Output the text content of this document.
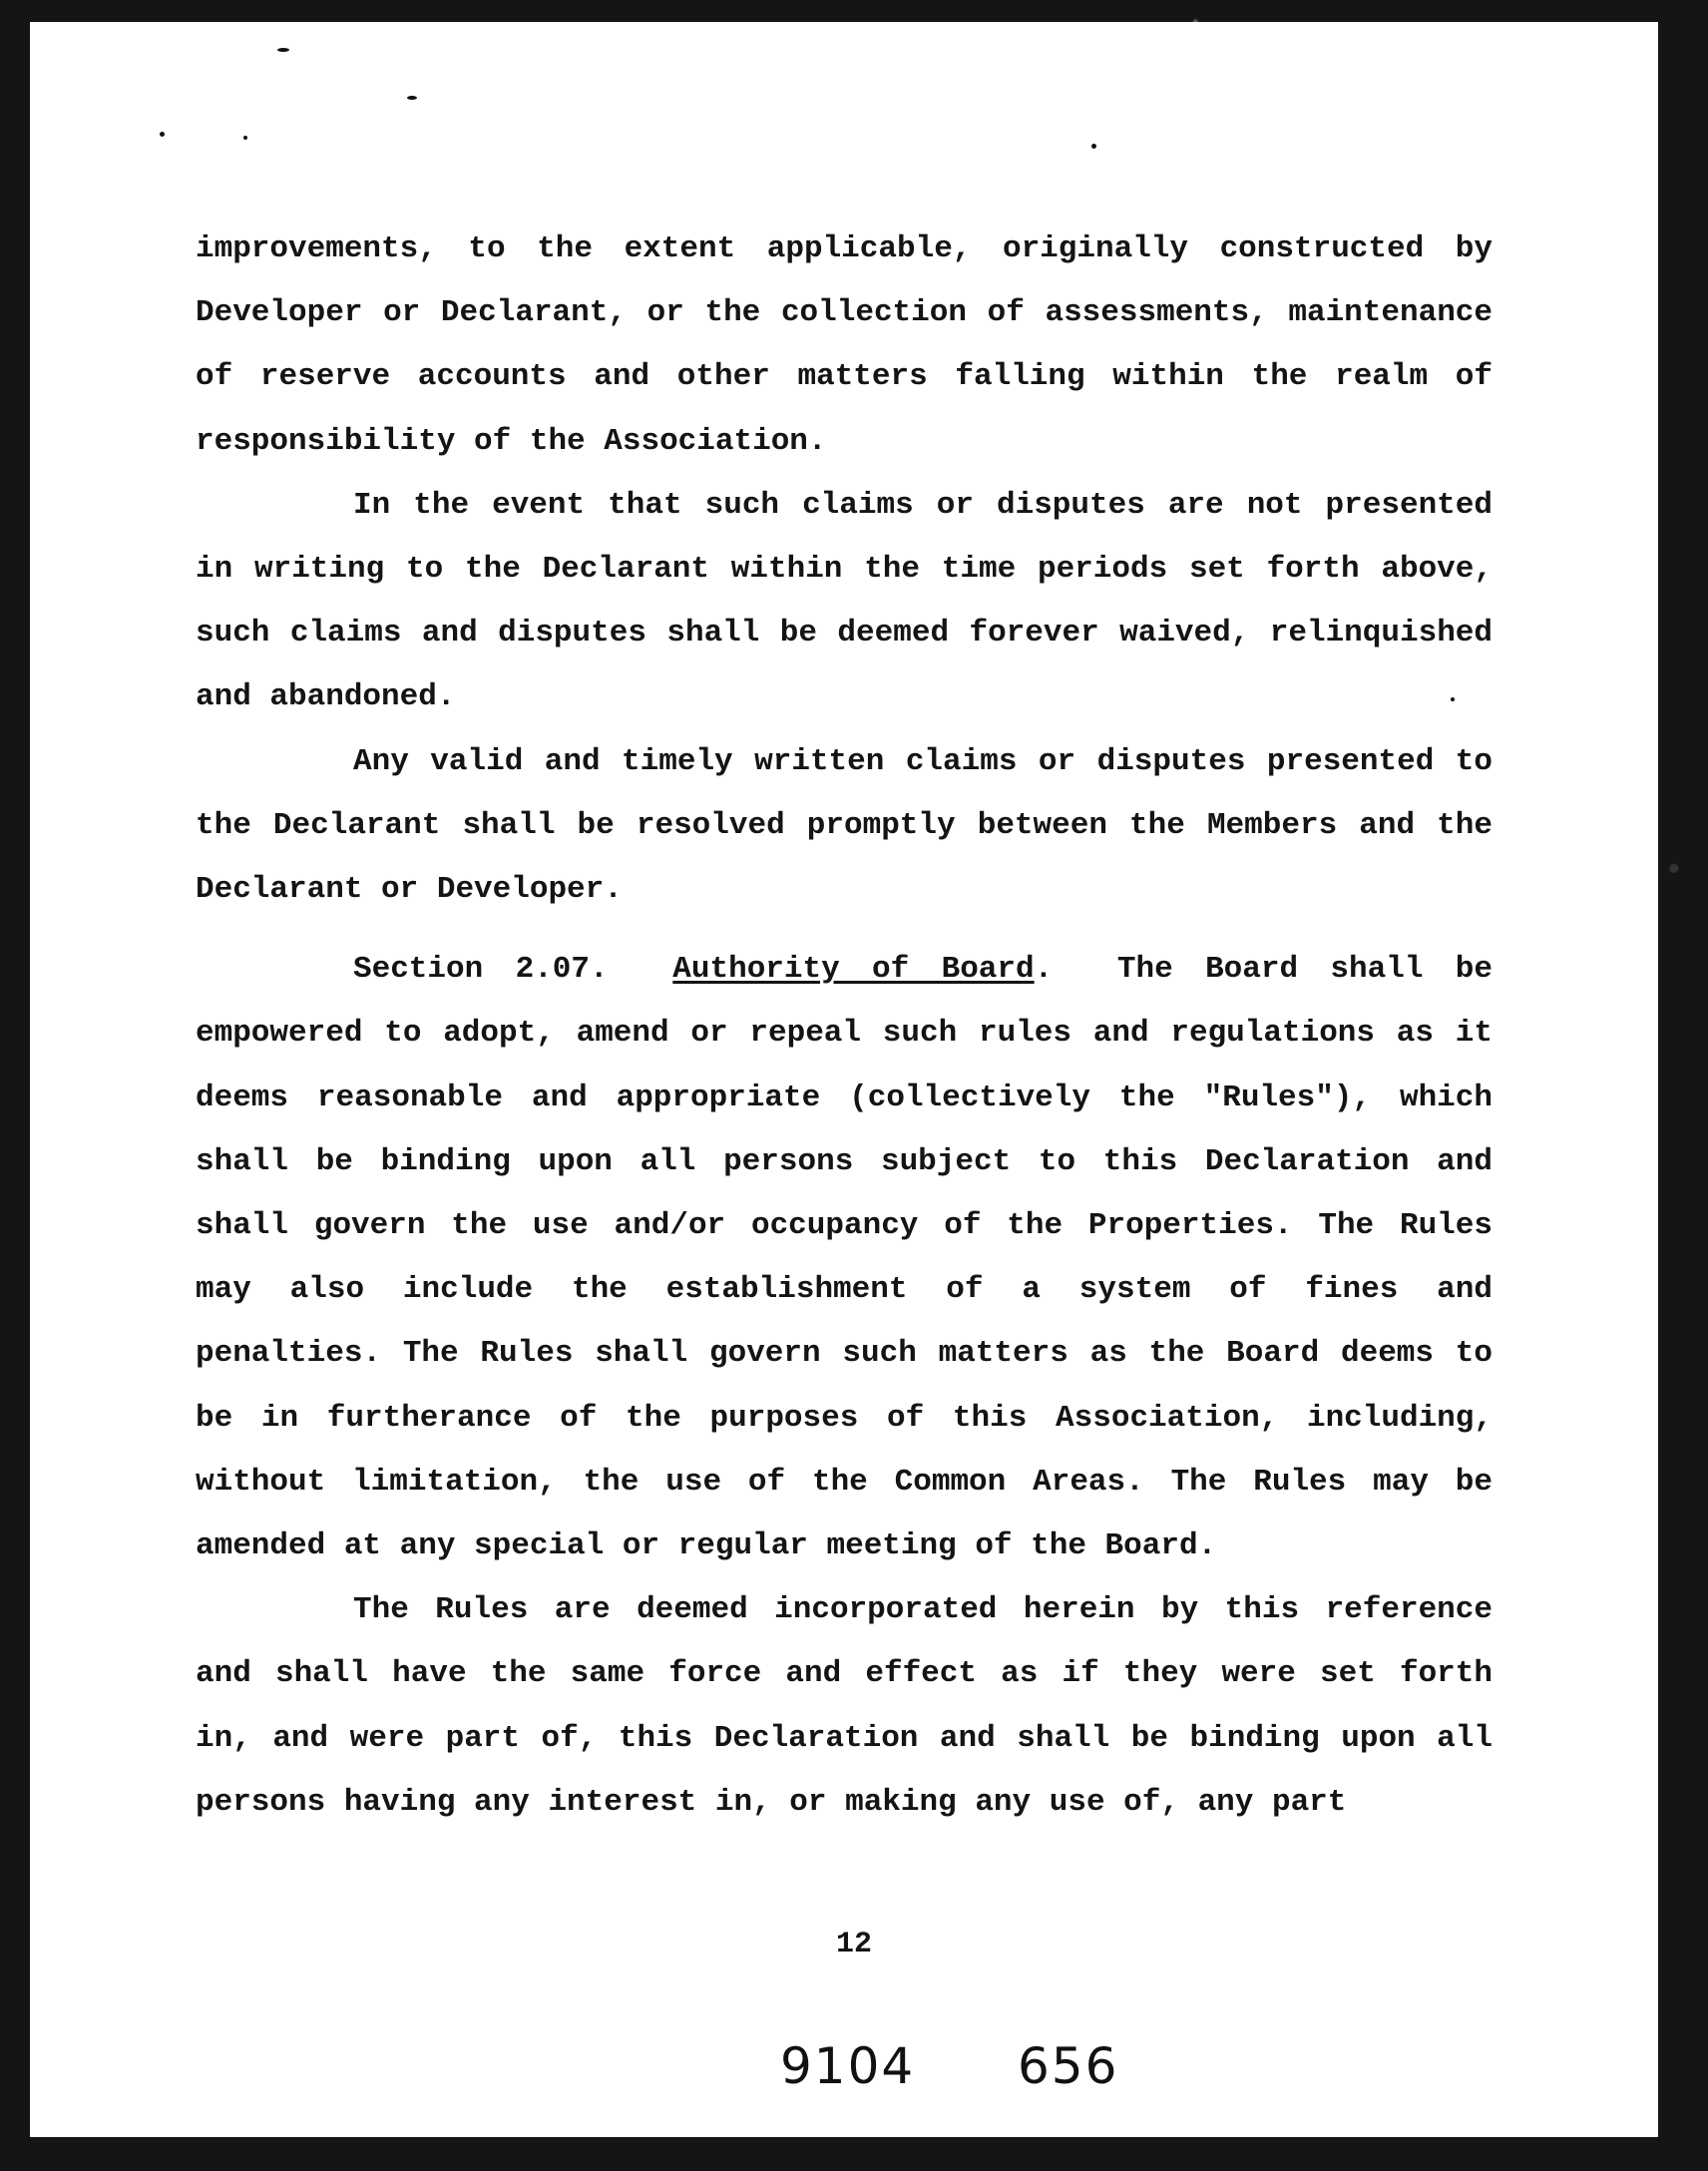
improvements, to the extent applicable, originally constructed by Developer or Declarant, or the collection of assessments, maintenance of reserve accounts and other matters falling within the realm of responsibility of the Association.

In the event that such claims or disputes are not presented in writing to the Declarant within the time periods set forth above, such claims and disputes shall be deemed forever waived, relinquished and abandoned.

Any valid and timely written claims or disputes presented to the Declarant shall be resolved promptly between the Members and the Declarant or Developer.

Section 2.07. Authority of Board. The Board shall be empowered to adopt, amend or repeal such rules and regulations as it deems reasonable and appropriate (collectively the "Rules"), which shall be binding upon all persons subject to this Declaration and shall govern the use and/or occupancy of the Properties. The Rules may also include the establishment of a system of fines and penalties. The Rules shall govern such matters as the Board deems to be in furtherance of the purposes of this Association, including, without limitation, the use of the Common Areas. The Rules may be amended at any special or regular meeting of the Board.

The Rules are deemed incorporated herein by this reference and shall have the same force and effect as if they were set forth in, and were part of, this Declaration and shall be binding upon all persons having any interest in, or making any use of, any part

12
9104 656
